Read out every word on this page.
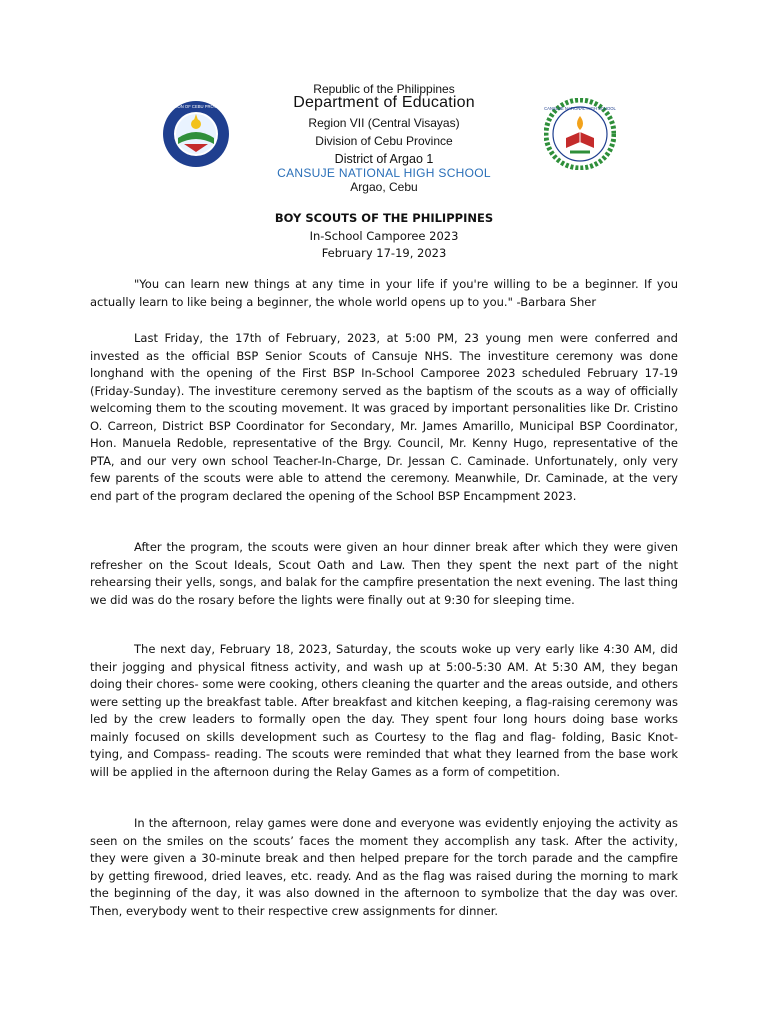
DIVISION OF CEBU PROVINCE	CANSUJE NATIONAL HIGH SCHOOL
Republic of the Philippines
Department of Education
Region VII (Central Visayas)
Division of Cebu Province
District of Argao 1
CANSUJE NATIONAL HIGH SCHOOL
Argao, Cebu
BOY SCOUTS OF THE PHILIPPINES
In-School Camporee 2023
February 17-19, 2023

"You can learn new things at any time in your life if you're willing to be a beginner. If you actually learn to like being a beginner, the whole world opens up to you." -Barbara Sher

Last Friday, the 17th of February, 2023, at 5:00 PM, 23 young men were conferred and invested as the official BSP Senior Scouts of Cansuje NHS. The investiture ceremony was done longhand with the opening of the First BSP In-School Camporee 2023 scheduled February 17-19 (Friday-Sunday). The investiture ceremony served as the baptism of the scouts as a way of officially welcoming them to the scouting movement. It was graced by important personalities like Dr. Cristino O. Carreon, District BSP Coordinator for Secondary, Mr. James Amarillo, Municipal BSP Coordinator, Hon. Manuela Redoble, representative of the Brgy. Council, Mr. Kenny Hugo, representative of the PTA, and our very own school Teacher-In-Charge, Dr. Jessan C. Caminade. Unfortunately, only very few parents of the scouts were able to attend the ceremony. Meanwhile, Dr. Caminade, at the very end part of the program declared the opening of the School BSP Encampment 2023.

After the program, the scouts were given an hour dinner break after which they were given refresher on the Scout Ideals, Scout Oath and Law. Then they spent the next part of the night rehearsing their yells, songs, and balak for the campfire presentation the next evening. The last thing we did was do the rosary before the lights were finally out at 9:30 for sleeping time.

The next day, February 18, 2023, Saturday, the scouts woke up very early like 4:30 AM, did their jogging and physical fitness activity, and wash up at 5:00-5:30 AM. At 5:30 AM, they began doing their chores- some were cooking, others cleaning the quarter and the areas outside, and others were setting up the breakfast table. After breakfast and kitchen keeping, a flag-raising ceremony was led by the crew leaders to formally open the day. They spent four long hours doing base works mainly focused on skills development such as Courtesy to the flag and flag- folding, Basic Knot- tying, and Compass- reading. The scouts were reminded that what they learned from the base work will be applied in the afternoon during the Relay Games as a form of competition.

In the afternoon, relay games were done and everyone was evidently enjoying the activity as seen on the smiles on the scouts’ faces the moment they accomplish any task. After the activity, they were given a 30-minute break and then helped prepare for the torch parade and the campfire by getting firewood, dried leaves, etc. ready. And as the flag was raised during the morning to mark the beginning of the day, it was also downed in the afternoon to symbolize that the day was over. Then, everybody went to their respective crew assignments for dinner.
